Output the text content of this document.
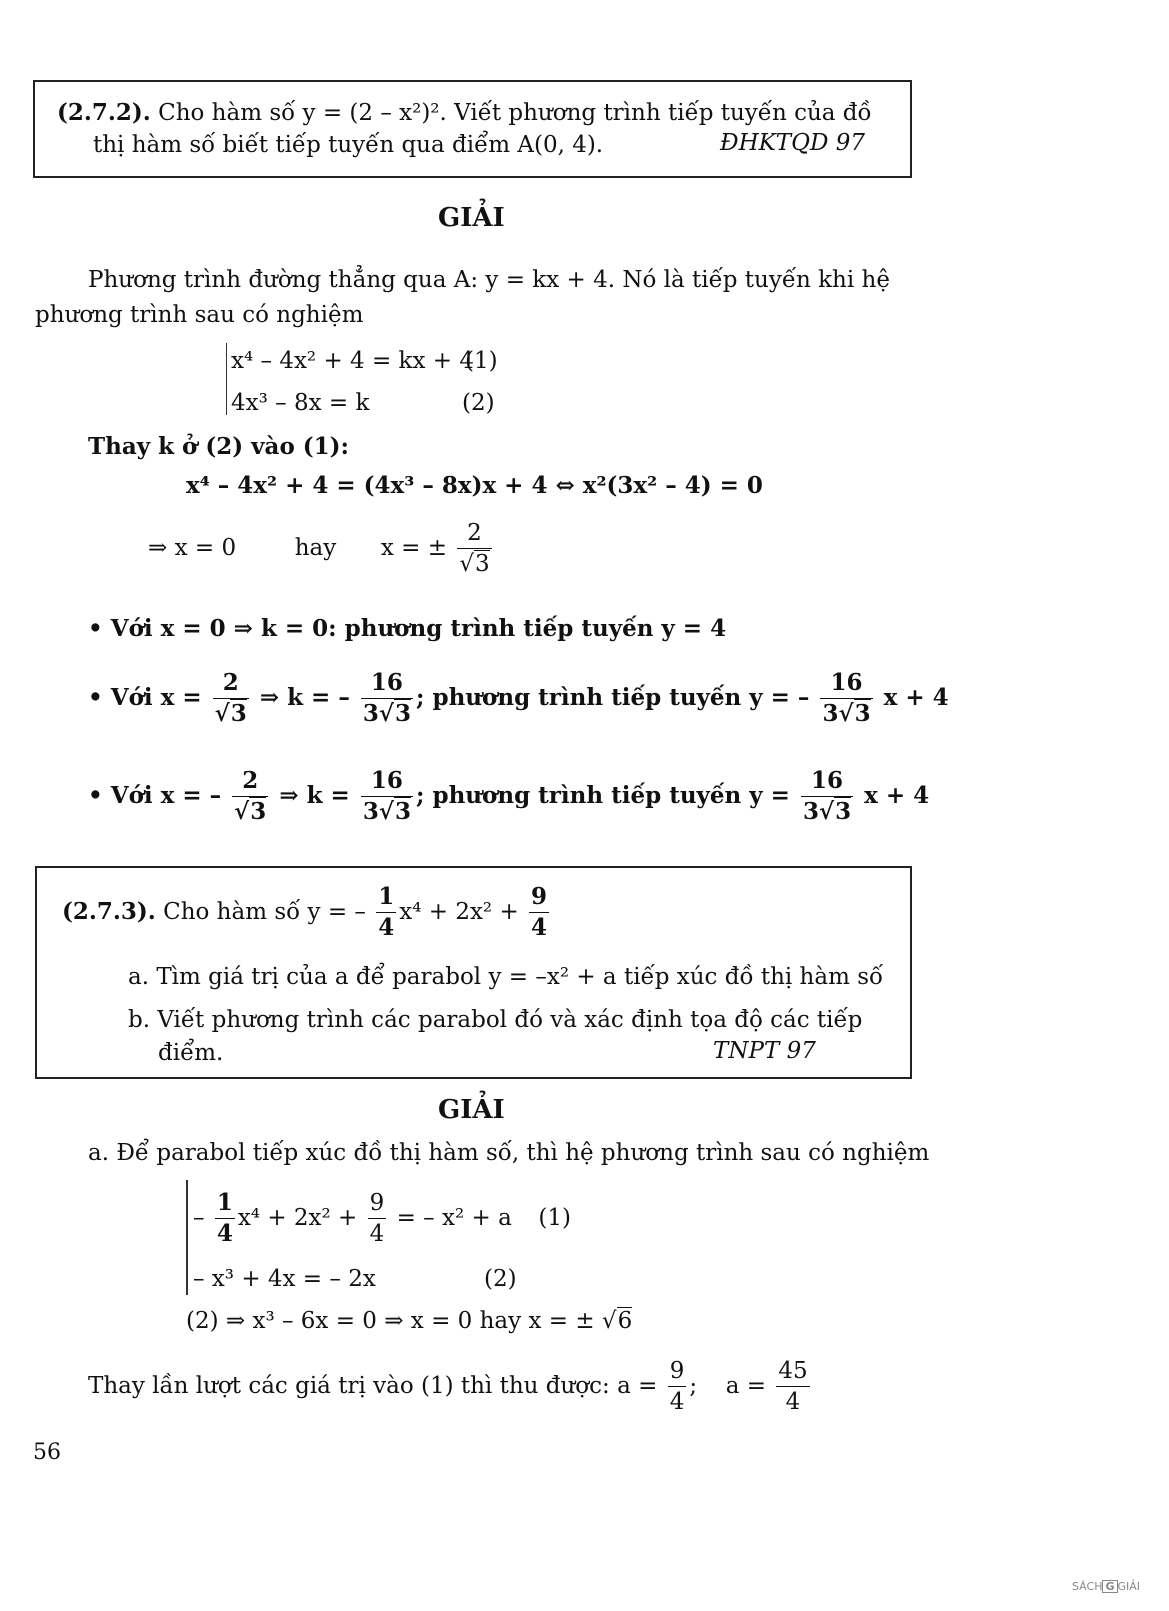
(2.7.2). Cho hàm số y = (2 – x²)². Viết phương trình tiếp tuyến của đồ
thị hàm số biết tiếp tuyến qua điểm A(0, 4).	ĐHKTQD 97
GIẢI
Phương trình đường thẳng qua A: y = kx + 4. Nó là tiếp tuyến khi hệ
phương trình sau có nghiệm
x⁴ – 4x² + 4 = kx + 4
(1)
4x³ – 8x = k	(2)
Thay k ở (2) vào (1):
x⁴ – 4x² + 4 = (4x³ – 8x)x + 4 ⇔ x²(3x² – 4) = 0
⇒ x = 0	hay x = ± $\frac{2}{√3}$
• Với x = 0 ⇒ k = 0: phương trình tiếp tuyến y = 4
• Với $x = \frac{2}{√3}$ ⇒ k = – $\frac{16}{3√3}$ ; phương trình tiếp tuyến y = – $\frac{16}{3√3}$ x + 4
• Với x = – $\frac{2}{√3}$ ⇒ $k = \frac{16}{3√3}$ ; phương trình tiếp tuyến $y = \frac{16}{3√3}$ x + 4
(2.7.3). Cho hàm số y = – $\frac{1}{4} x^4 + 2x^2 + \frac{9}{4}$
a. Tìm giá trị của a để parabol y = –x² + a tiếp xúc đồ thị hàm số
b. Viết phương trình các parabol đó và xác định tọa độ các tiếp
điểm.	TNPT 97
GIẢI
a. Để parabol tiếp xúc đồ thị hàm số, thì hệ phương trình sau có nghiệm
– $\frac{1}{4} x^4 + 2x^2 + \frac{9}{4}$ = – x² + a (1)
– x³ + 4x = – 2x	(2)
(2) ⇒ x³ – 6x = 0 ⇒ x = 0 hay x = ± √6
Thay lần lượt các giá trị vào (1) thì thu được: $a = \frac{9}{4}$ ; $a = \frac{45}{4}$
56
SÁCH G GIẢI
